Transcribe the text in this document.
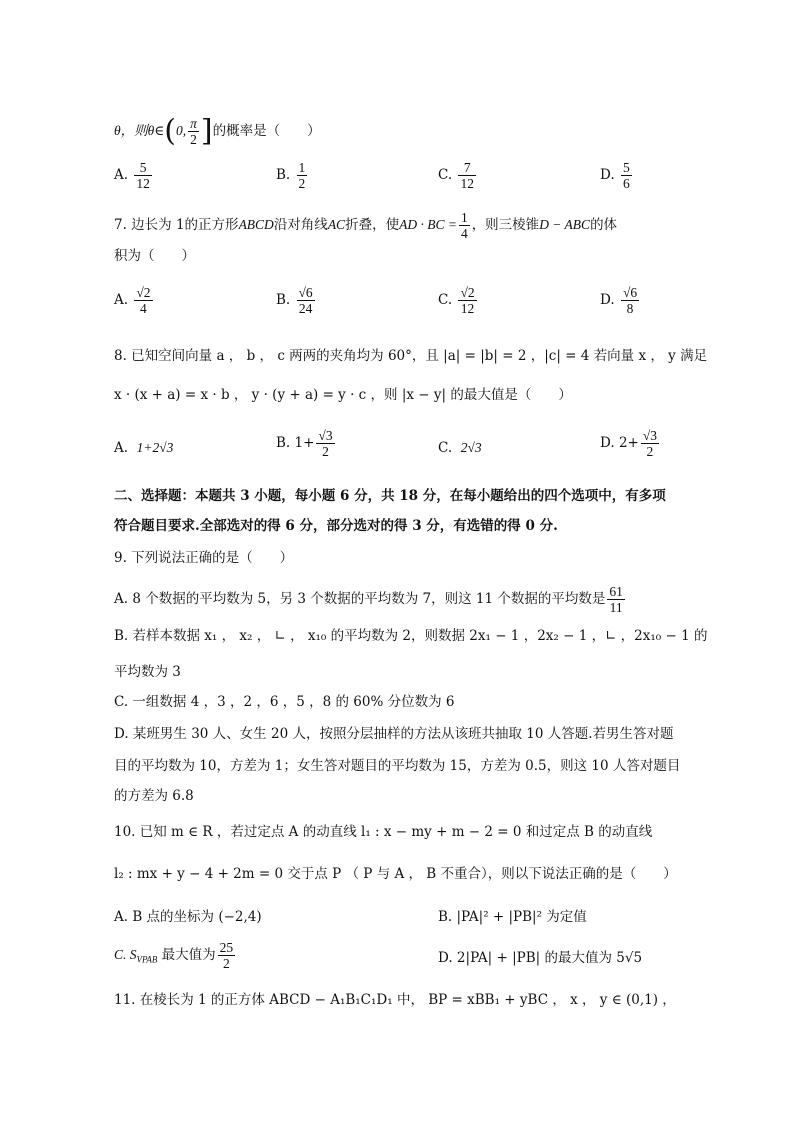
θ，则θ∈(0, $\frac{\pi}{2}$ ]的概率是（　　）
A. $\frac{5}{12}$	B. $\frac{1}{2}$	C. $\frac{7}{12}$	D. $\frac{5}{6}$
7. 边长为 1的正方形ABCD沿对角线AC折叠，使AD · BC = $\frac{1}{4}$ ，则三棱锥D − ABC的体
积为（　　）
A. $\frac{√2}{4}$	B. $\frac{√6}{24}$	C. $\frac{√2}{12}$	D. $\frac{√6}{8}$
8. 已知空间向量 a ， b ， c 两两的夹角均为 60°，且 |a| = |b| = 2 ，|c| = 4 若向量 x ， y 满足
x · (x + a) = x · b ， y · (y + a) = y · c ，则 |x − y| 的最大值是（　　）
A. 1+2√3	B. $1+ \frac{√3}{2}$	C. 2√3	D. $2+ \frac{√3}{2}$
二、选择题：本题共 3 小题，每小题 6 分，共 18 分，在每小题给出的四个选项中，有多项
符合题目要求.全部选对的得 6 分，部分选对的得 3 分，有选错的得 0 分.
9. 下列说法正确的是（　　）
A. 8 个数据的平均数为 5，另 3 个数据的平均数为 7，则这 11 个数据的平均数是 $\frac{61}{11}$
B. 若样本数据 x₁ ， x₂ ， ∟ ， x₁₀ 的平均数为 2，则数据 2x₁ − 1 ，2x₂ − 1 ，∟ ，2x₁₀ − 1 的
平均数为 3
C. 一组数据 4 ，3 ，2 ，6 ，5 ，8 的 60% 分位数为 6
D. 某班男生 30 人、女生 20 人，按照分层抽样的方法从该班共抽取 10 人答题.若男生答对题
目的平均数为 10，方差为 1；女生答对题目的平均数为 15，方差为 0.5，则这 10 人答对题目
的方差为 6.8
10. 已知 m ∈ R ，若过定点 A 的动直线 l₁ : x − my + m − 2 = 0 和过定点 B 的动直线
l₂ : mx + y − 4 + 2m = 0 交于点 P （ P 与 A ， B 不重合），则以下说法正确的是（　　）
A. B 点的坐标为 (−2,4)	B. |PA|² + |PB|² 为定值
C. $S_{VPAB}$ 最大值为 $\frac{25}{2}$	D. 2|PA| + |PB| 的最大值为 5√5
11. 在棱长为 1 的正方体 ABCD − A₁B₁C₁D₁ 中， BP = xBB₁ + yBC ， x ， y ∈ (0,1) ，
